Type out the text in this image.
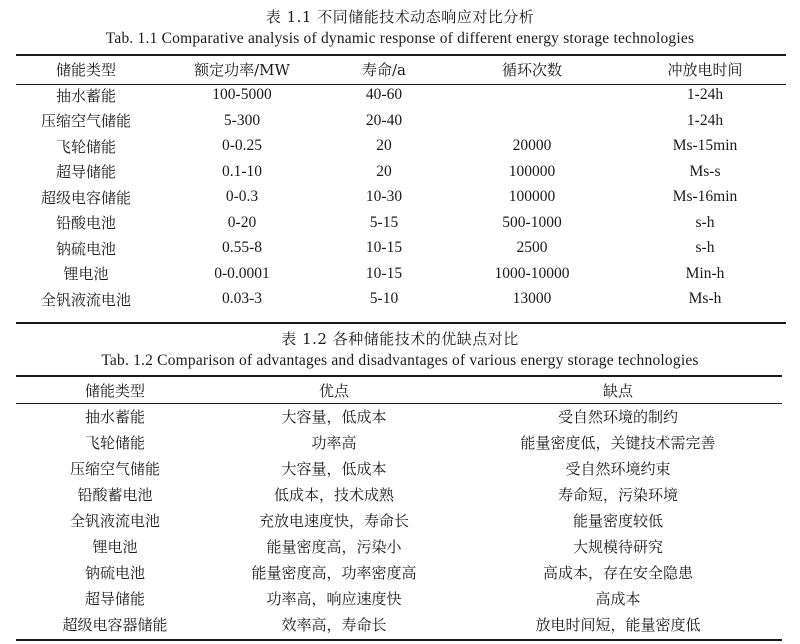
表 1.1 不同储能技术动态响应对比分析
Tab. 1.1 Comparative analysis of dynamic response of different energy storage technologies
储能类型	额定功率/MW	寿命/a	循环次数	冲放电时间
抽水蓄能	100-5000	40-60		1-24h
压缩空气储能	5-300	20-40		1-24h
飞轮储能	0-0.25	20	20000	Ms-15min
超导储能	0.1-10	20	100000	Ms-s
超级电容储能	0-0.3	10-30	100000	Ms-16min
铅酸电池	0-20	5-15	500-1000	s-h
钠硫电池	0.55-8	10-15	2500	s-h
锂电池	0-0.0001	10-15	1000-10000	Min-h
全钒液流电池	0.03-3	5-10	13000	Ms-h
表 1.2 各种储能技术的优缺点对比
Tab. 1.2 Comparison of advantages and disadvantages of various energy storage technologies
储能类型	优点	缺点
抽水蓄能	大容量，低成本	受自然环境的制约
飞轮储能	功率高	能量密度低，关键技术需完善
压缩空气储能	大容量，低成本	受自然环境约束
铅酸蓄电池	低成本，技术成熟	寿命短，污染环境
全钒液流电池	充放电速度快，寿命长	能量密度较低
锂电池	能量密度高，污染小	大规模待研究
钠硫电池	能量密度高，功率密度高	高成本，存在安全隐患
超导储能	功率高，响应速度快	高成本
超级电容器储能	效率高，寿命长	放电时间短，能量密度低
